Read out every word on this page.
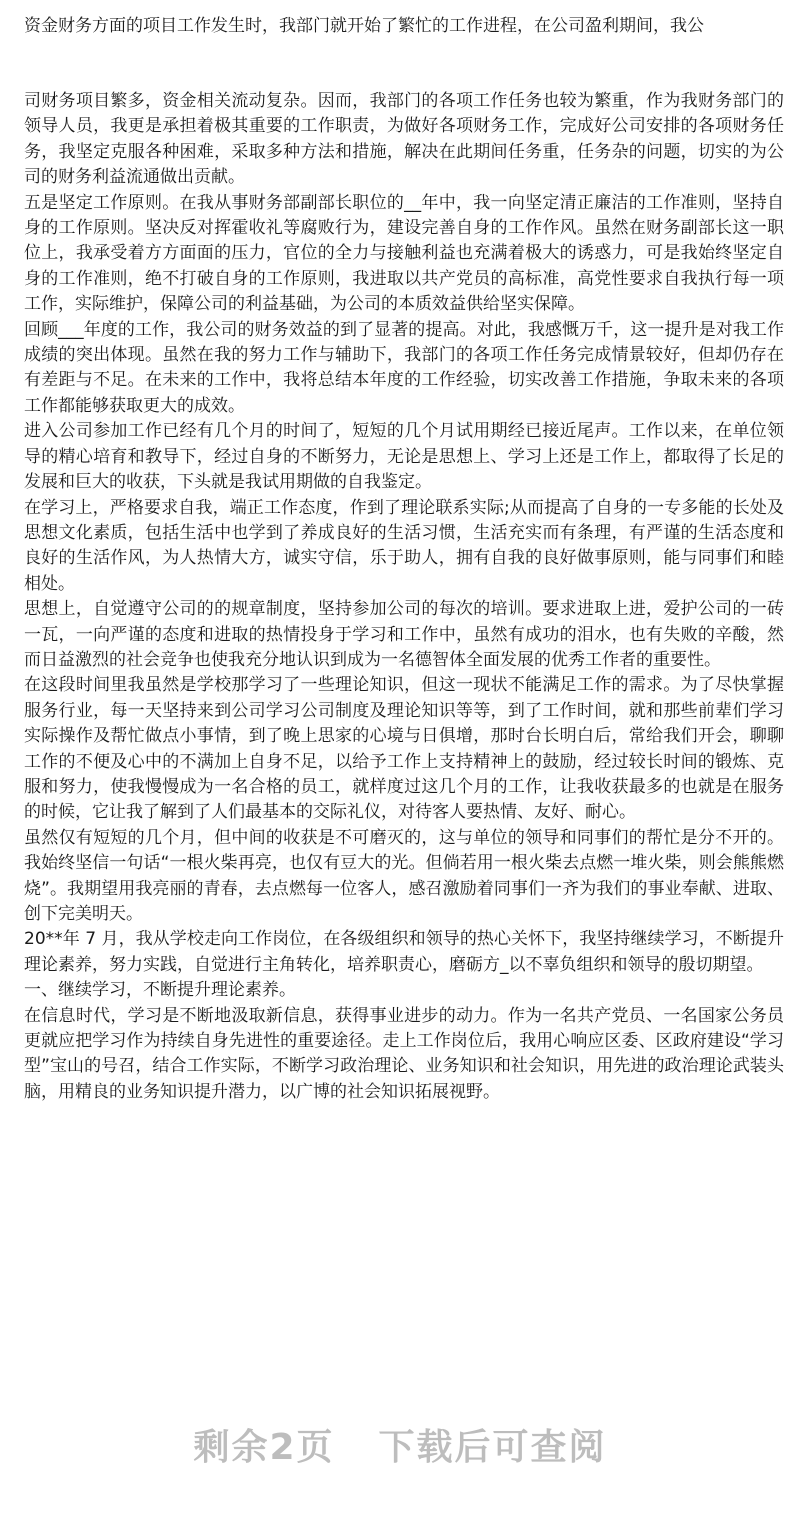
资金财务方面的项目工作发生时，我部门就开始了繁忙的工作进程，在公司盈利期间，我公

司财务项目繁多，资金相关流动复杂。因而，我部门的各项工作任务也较为繁重，作为我财务部门的领导人员，我更是承担着极其重要的工作职责，为做好各项财务工作，完成好公司安排的各项财务任务，我坚定克服各种困难，采取多种方法和措施，解决在此期间任务重，任务杂的问题，切实的为公司的财务利益流通做出贡献。

五是坚定工作原则。在我从事财务部副部长职位的__年中，我一向坚定清正廉洁的工作准则，坚持自身的工作原则。坚决反对挥霍收礼等腐败行为，建设完善自身的工作作风。虽然在财务副部长这一职位上，我承受着方方面面的压力，官位的全力与接触利益也充满着极大的诱惑力，可是我始终坚定自身的工作准则，绝不打破自身的工作原则，我进取以共产党员的高标准，高党性要求自我执行每一项工作，实际维护，保障公司的利益基础，为公司的本质效益供给坚实保障。

回顾___年度的工作，我公司的财务效益的到了显著的提高。对此，我感慨万千，这一提升是对我工作成绩的突出体现。虽然在我的努力工作与辅助下，我部门的各项工作任务完成情景较好，但却仍存在有差距与不足。在未来的工作中，我将总结本年度的工作经验，切实改善工作措施，争取未来的各项工作都能够获取更大的成效。

进入公司参加工作已经有几个月的时间了，短短的几个月试用期经已接近尾声。工作以来，在单位领导的精心培育和教导下，经过自身的不断努力，无论是思想上、学习上还是工作上，都取得了长足的发展和巨大的收获，下头就是我试用期做的自我鉴定。

在学习上，严格要求自我，端正工作态度，作到了理论联系实际;从而提高了自身的一专多能的长处及思想文化素质，包括生活中也学到了养成良好的生活习惯，生活充实而有条理，有严谨的生活态度和良好的生活作风，为人热情大方，诚实守信，乐于助人，拥有自我的良好做事原则，能与同事们和睦相处。

思想上，自觉遵守公司的的规章制度，坚持参加公司的每次的培训。要求进取上进，爱护公司的一砖一瓦，一向严谨的态度和进取的热情投身于学习和工作中，虽然有成功的泪水，也有失败的辛酸，然而日益激烈的社会竞争也使我充分地认识到成为一名德智体全面发展的优秀工作者的重要性。

在这段时间里我虽然是学校那学习了一些理论知识，但这一现状不能满足工作的需求。为了尽快掌握服务行业，每一天坚持来到公司学习公司制度及理论知识等等，到了工作时间，就和那些前辈们学习实际操作及帮忙做点小事情，到了晚上思家的心境与日俱增，那时台长明白后，常给我们开会，聊聊工作的不便及心中的不满加上自身不足，以给予工作上支持精神上的鼓励，经过较长时间的锻炼、克服和努力，使我慢慢成为一名合格的员工，就样度过这几个月的工作，让我收获最多的也就是在服务的时候，它让我了解到了人们最基本的交际礼仪，对待客人要热情、友好、耐心。

虽然仅有短短的几个月，但中间的收获是不可磨灭的，这与单位的领导和同事们的帮忙是分不开的。我始终坚信一句话“一根火柴再亮，也仅有豆大的光。但倘若用一根火柴去点燃一堆火柴，则会熊熊燃烧”。我期望用我亮丽的青春，去点燃每一位客人，感召激励着同事们一齐为我们的事业奉献、进取、创下完美明天。

20**年 7 月，我从学校走向工作岗位，在各级组织和领导的热心关怀下，我坚持继续学习，不断提升理论素养，努力实践，自觉进行主角转化，培养职责心，磨砺方_以不辜负组织和领导的殷切期望。

一、继续学习，不断提升理论素养。

在信息时代，学习是不断地汲取新信息，获得事业进步的动力。作为一名共产党员、一名国家公务员更就应把学习作为持续自身先进性的重要途径。走上工作岗位后，我用心响应区委、区政府建设“学习型”宝山的号召，结合工作实际，不断学习政治理论、业务知识和社会知识，用先进的政治理论武装头脑，用精良的业务知识提升潜力，以广博的社会知识拓展视野。

剩余2页 下载后可查阅
